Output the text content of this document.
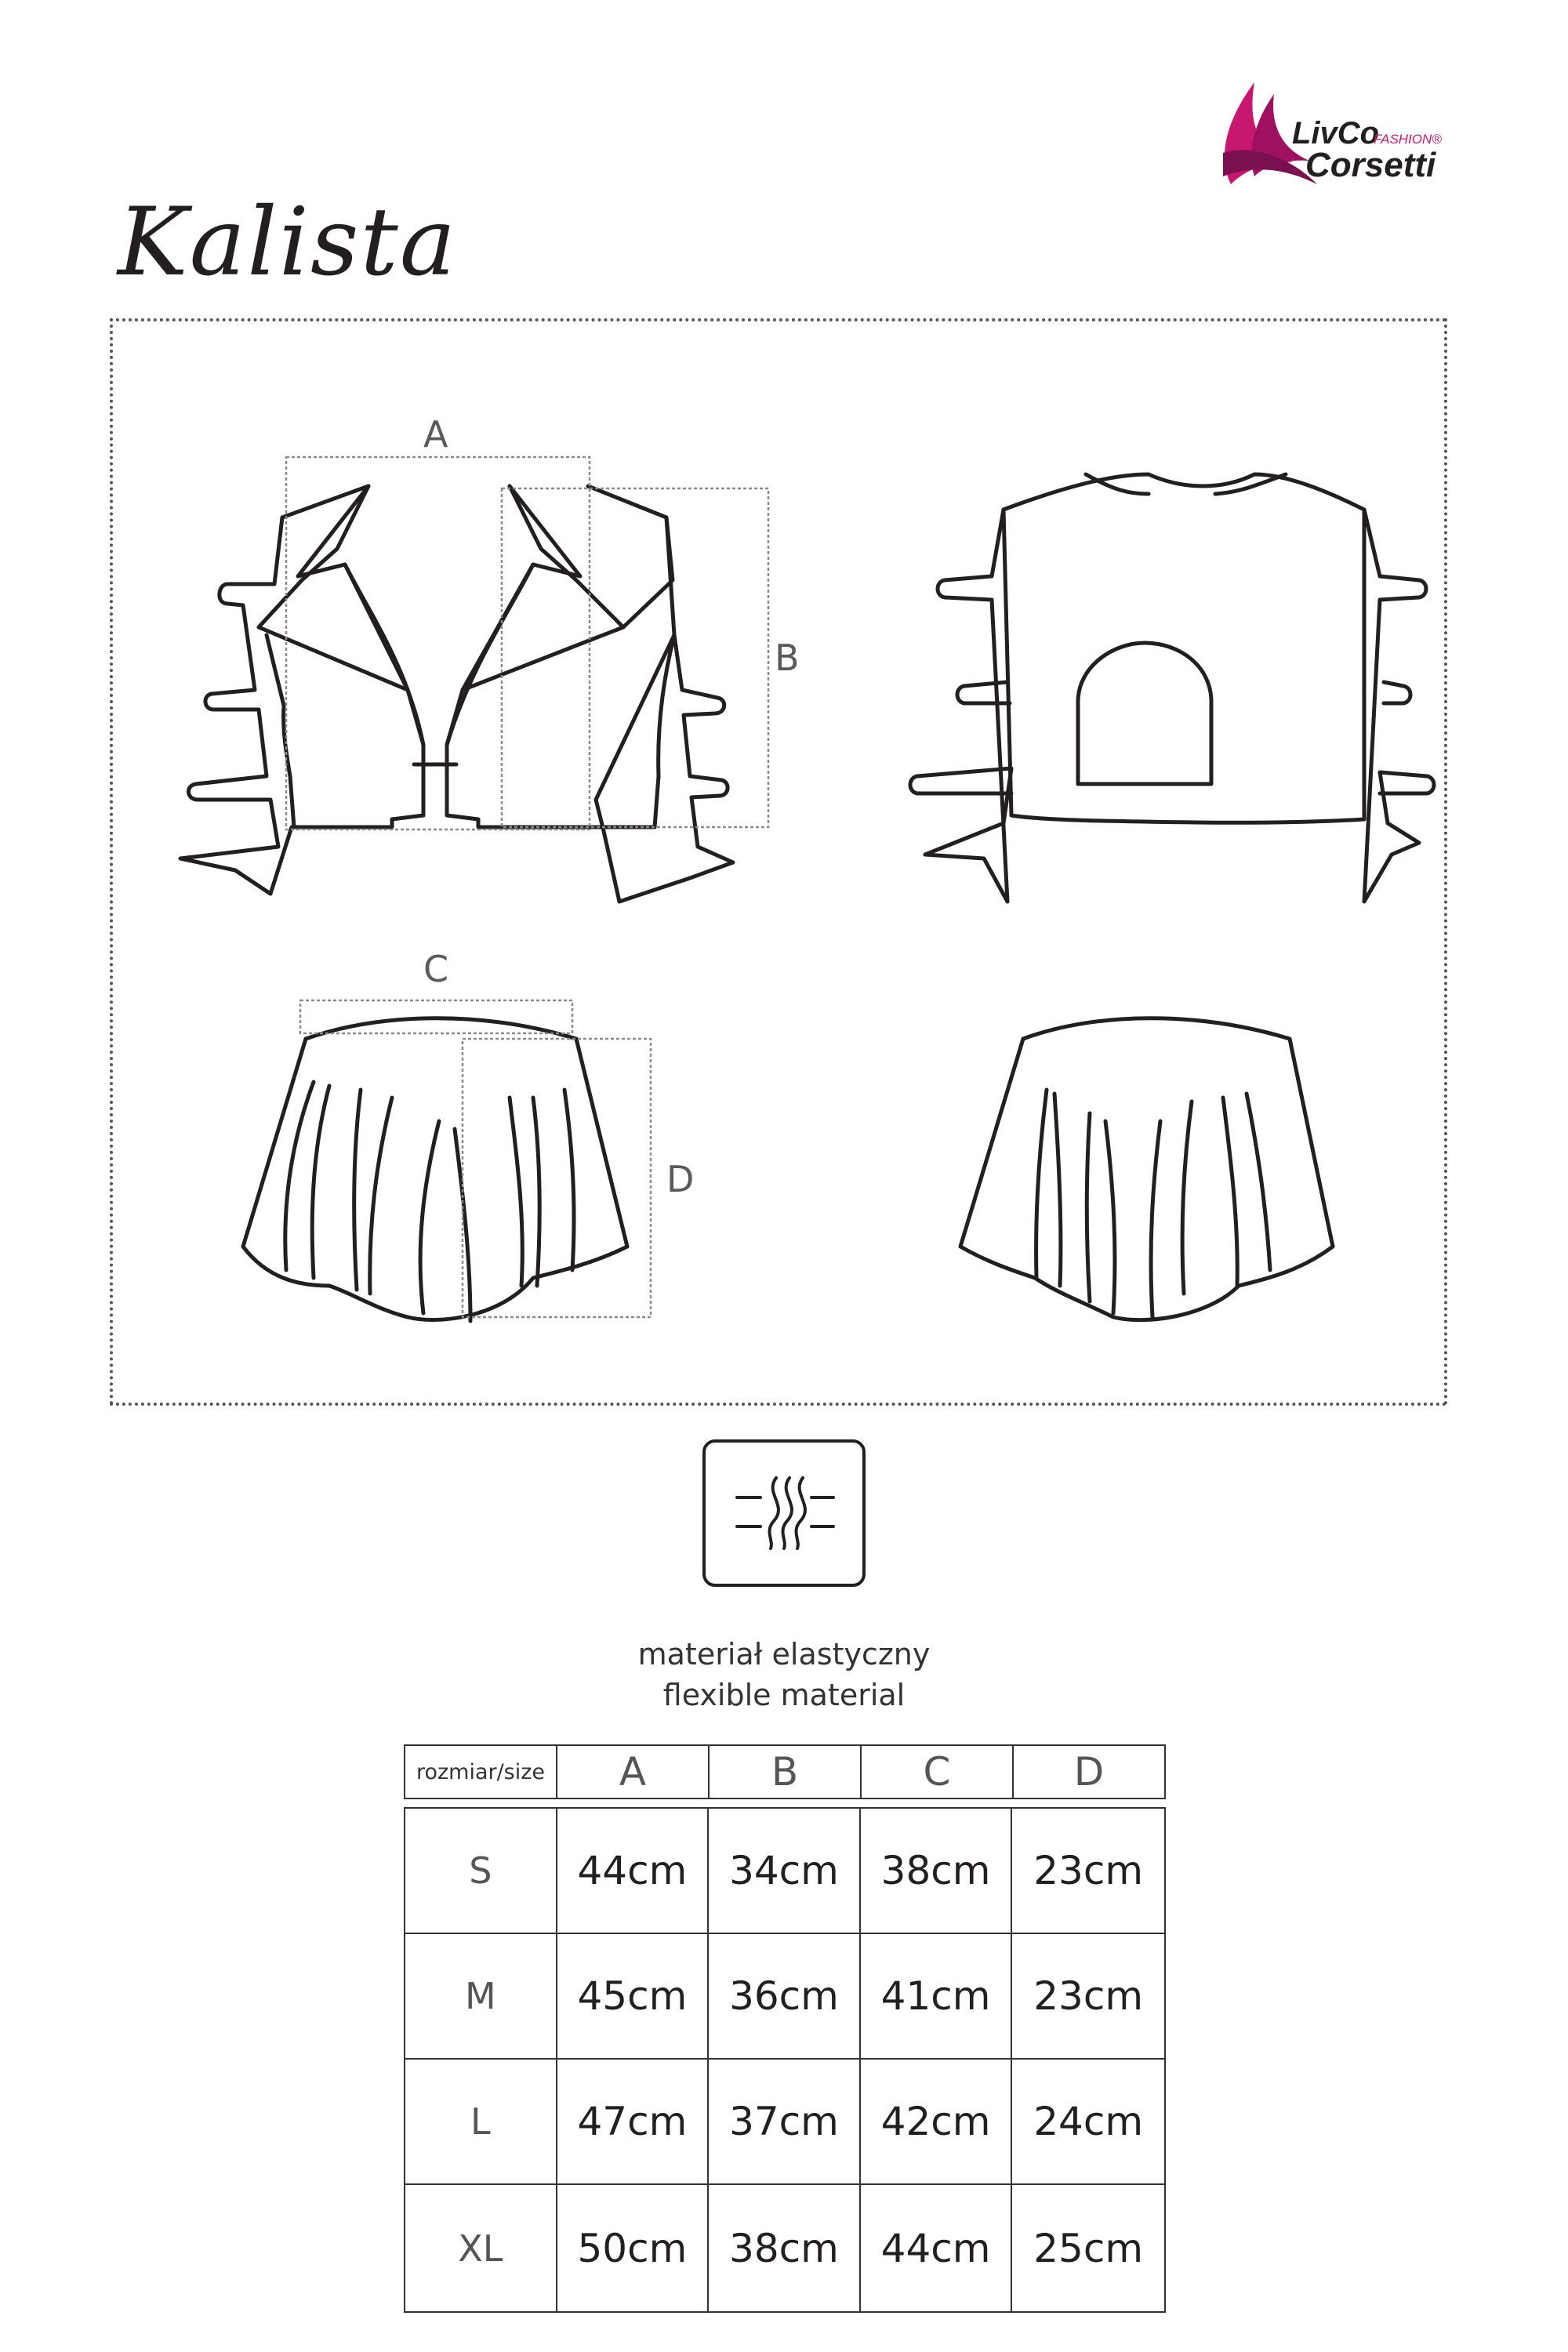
LivCo
FASHION®
Corsetti
Kalista
A
B
C
D
materiał elastyczny
flexible material
rozmiar/size	A	B	C	D
S	44cm	34cm	38cm	23cm
M	45cm	36cm	41cm	23cm
L	47cm	37cm	42cm	24cm
XL	50cm	38cm	44cm	25cm
